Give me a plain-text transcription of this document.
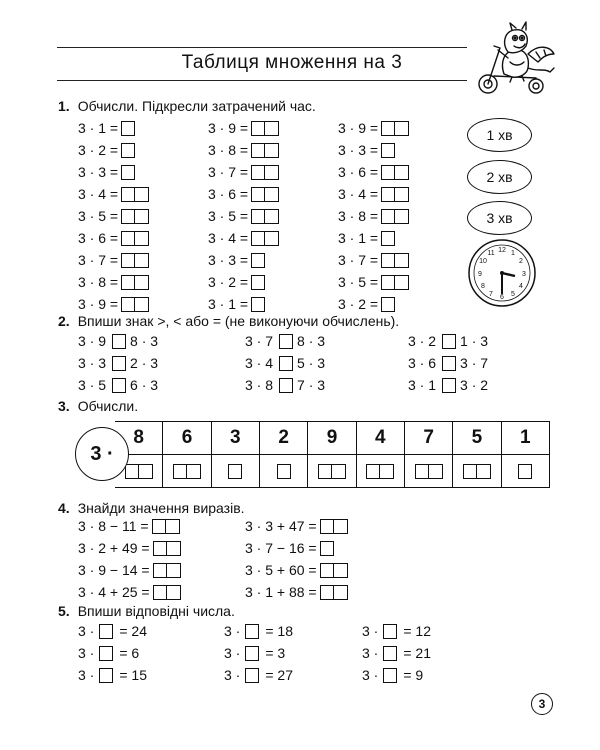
Таблиця множення на 3
1. Обчисли. Підкресли затрачений час.
3 · 1 =
3 · 2 =
3 · 3 =
3 · 4 =
3 · 5 =
3 · 6 =
3 · 7 =
3 · 8 =
3 · 9 =
3 · 9 =
3 · 8 =
3 · 7 =
3 · 6 =
3 · 5 =
3 · 4 =
3 · 3 =
3 · 2 =
3 · 1 =
3 · 9 =
3 · 3 =
3 · 6 =
3 · 4 =
3 · 8 =
3 · 1 =
3 · 7 =
3 · 5 =
3 · 2 =
1 хв
2 хв
3 хв
12 1
2
3
4
5
6
7
8
9
10
11
2. Впиши знак >, < або = (не виконуючи обчислень).
3 · 9 8 · 3	3 · 7 8 · 3	3 · 2 1 · 3
3 · 3 2 · 3	3 · 4 5 · 3	3 · 6 3 · 7
3 · 5 6 · 3	3 · 8 7 · 3	3 · 1 3 · 2
3. Обчисли.
8	6	3	2	9	4	7	5	1
3 ·
4. Знайди значення виразів.
3 · 8 − 11 =
3 · 2 + 49 =
3 · 9 − 14 =
3 · 4 + 25 =
3 · 3 + 47 =
3 · 7 − 16 =
3 · 5 + 60 =
3 · 1 + 88 =
5. Впиши відповідні числа.
3 · = 24	3 · = 18	3 · = 12
3 · = 6	3 · = 3	3 · = 21
3 · = 15	3 · = 27	3 · = 9
3
